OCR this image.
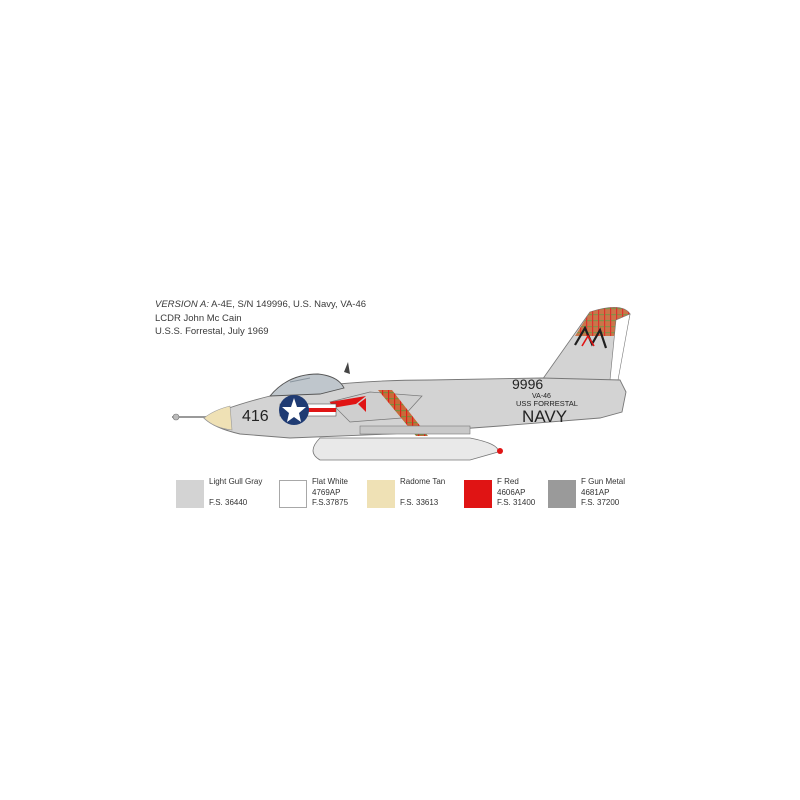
VERSION A: A-4E, S/N 149996, U.S. Navy, VA-46
LCDR John Mc Cain
U.S.S. Forrestal, July 1969
416
9996
VA-46
USS FORRESTAL
NAVY
Light Gull Gray
F.S. 36440
Flat White
4769AP
F.S.37875
Radome Tan
F.S. 33613
F Red
4606AP
F.S. 31400
F Gun Metal
4681AP
F.S. 37200
